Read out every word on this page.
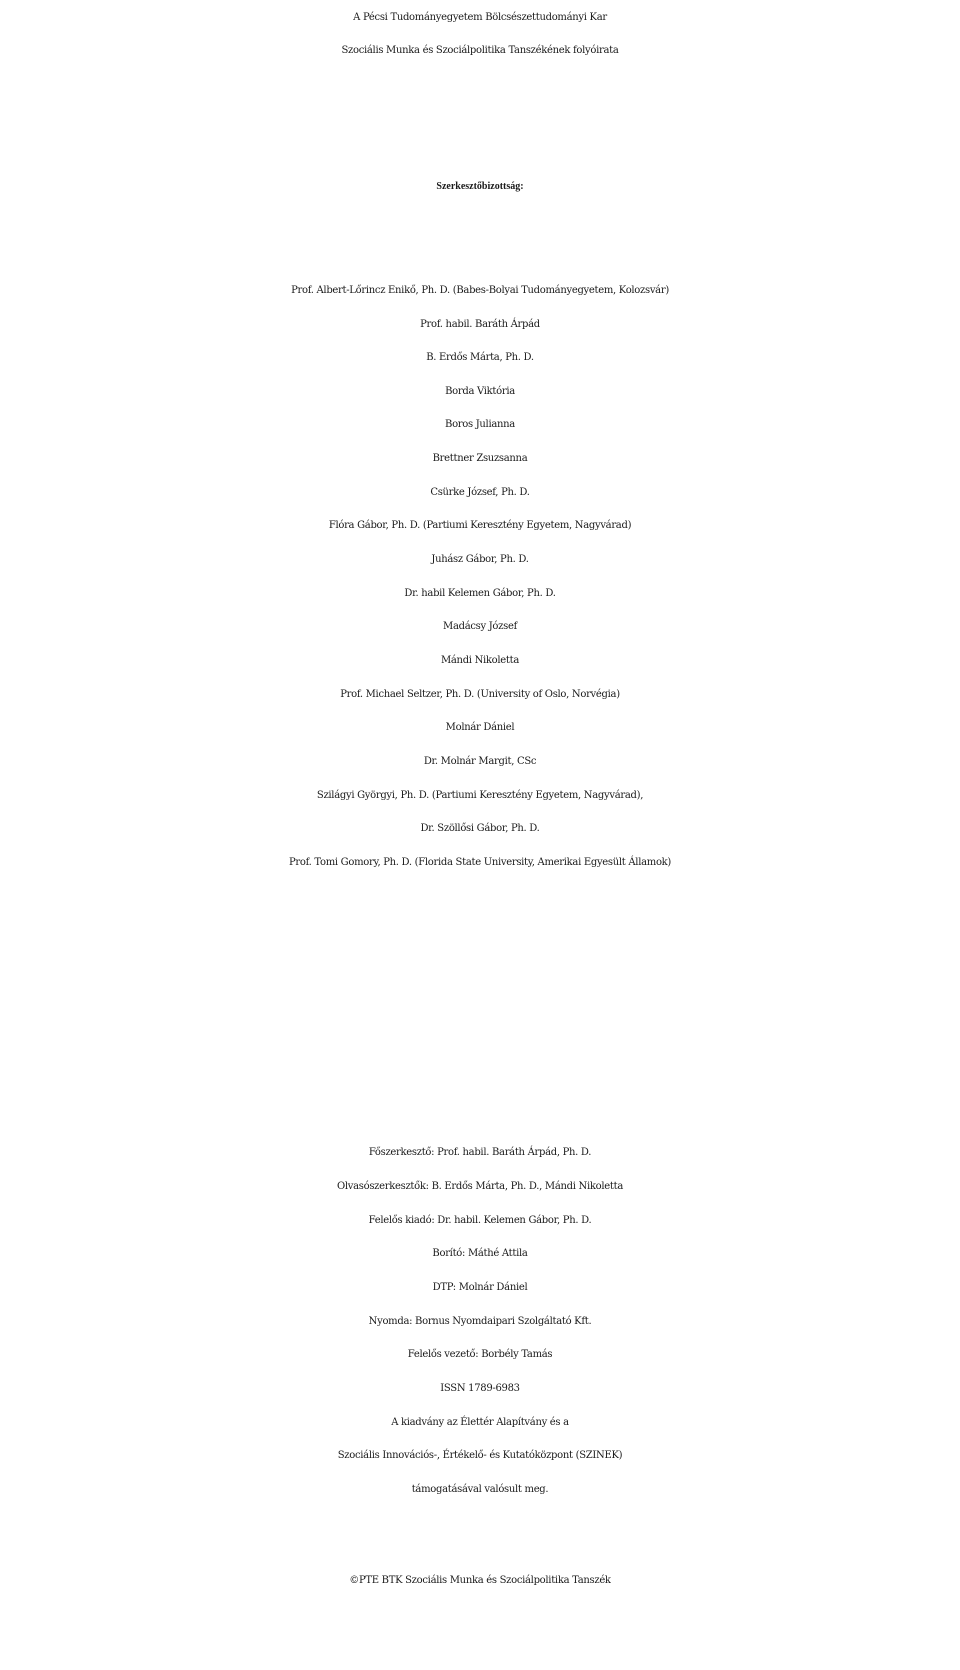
A Pécsi Tudományegyetem Bölcsészettudományi Kar
Szociális Munka és Szociálpolitika Tanszékének folyóirata
Szerkesztőbizottság:
Prof. Albert-Lőrincz Enikő, Ph. D. (Babes-Bolyai Tudományegyetem, Kolozsvár)
Prof. habil. Baráth Árpád
B. Erdős Márta, Ph. D.
Borda Viktória
Boros Julianna
Brettner Zsuzsanna
Csürke József, Ph. D.
Flóra Gábor, Ph. D. (Partiumi Keresztény Egyetem, Nagyvárad)
Juhász Gábor, Ph. D.
Dr. habil Kelemen Gábor, Ph. D.
Madácsy József
Mándi Nikoletta
Prof. Michael Seltzer, Ph. D. (University of Oslo, Norvégia)
Molnár Dániel
Dr. Molnár Margit, CSc
Szilágyi Györgyi, Ph. D. (Partiumi Keresztény Egyetem, Nagyvárad),
Dr. Szöllősi Gábor, Ph. D.
Prof. Tomi Gomory, Ph. D. (Florida State University, Amerikai Egyesült Államok)
Főszerkesztő: Prof. habil. Baráth Árpád, Ph. D.
Olvasószerkesztők: B. Erdős Márta, Ph. D., Mándi Nikoletta
Felelős kiadó: Dr. habil. Kelemen Gábor, Ph. D.
Borító: Máthé Attila
DTP: Molnár Dániel
Nyomda: Bornus Nyomdaipari Szolgáltató Kft.
Felelős vezető: Borbély Tamás
ISSN 1789-6983
A kiadvány az Élettér Alapítvány és a
Szociális Innovációs-, Értékelő- és Kutatóközpont (SZINEK)
támogatásával valósult meg.
©PTE BTK Szociális Munka és Szociálpolitika Tanszék
